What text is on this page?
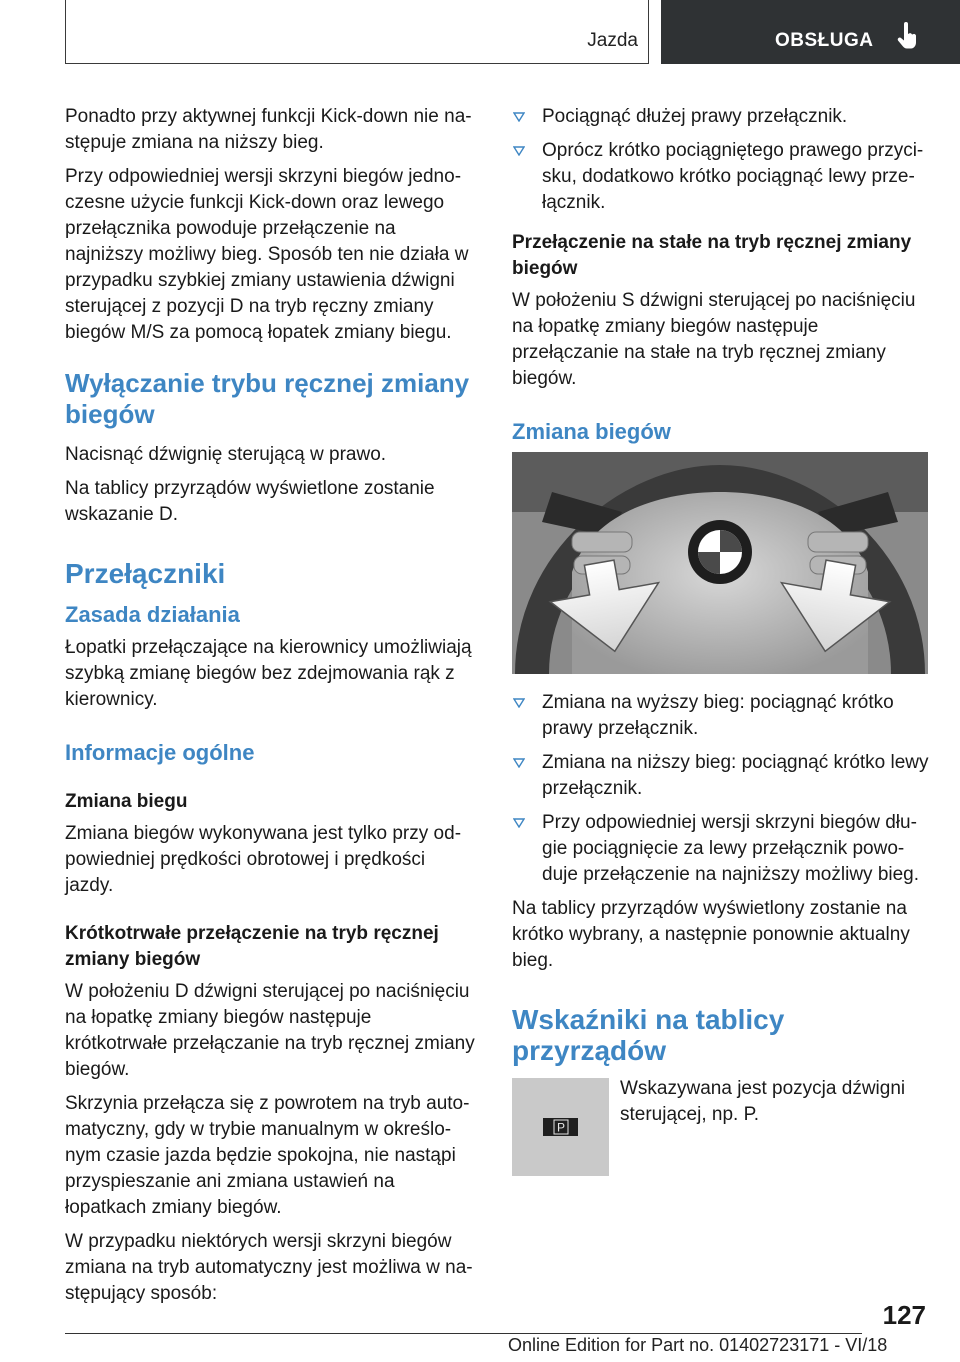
Jazda	OBSŁUGA

Ponadto przy aktywnej funkcji Kick-down nie następuje zmiana na niższy bieg.

Przy odpowiedniej wersji skrzyni biegów jednoczesne użycie funkcji Kick-down oraz lewego przełącznika powoduje przełączenie na najniższy możliwy bieg. Sposób ten nie działa w przypadku szybkiej zmiany ustawienia dźwigni sterującej z pozycji D na tryb ręczny zmiany biegów M/S za pomocą łopatek zmiany biegu.

Wyłączanie trybu ręcznej zmiany biegów

Nacisnąć dźwignię sterującą w prawo.

Na tablicy przyrządów wyświetlone zostanie wskazanie D.

Przełączniki
Zasada działania

Łopatki przełączające na kierownicy umożliwiają szybką zmianę biegów bez zdejmowania rąk z kierownicy.

Informacje ogólne
Zmiana biegu

Zmiana biegów wykonywana jest tylko przy odpowiedniej prędkości obrotowej i prędkości jazdy.

Krótkotrwałe przełączenie na tryb ręcznej zmiany biegów

W położeniu D dźwigni sterującej po naciśnięciu na łopatkę zmiany biegów następuje krótkotrwałe przełączanie na tryb ręcznej zmiany biegów.

Skrzynia przełącza się z powrotem na tryb automatyczny, gdy w trybie manualnym w określonym czasie jazda będzie spokojna, nie nastąpi przyspieszanie ani zmiana ustawień na łopatkach zmiany biegów.

W przypadku niektórych wersji skrzyni biegów zmiana na tryb automatyczny jest możliwa w następujący sposób:

Pociągnąć dłużej prawy przełącznik.
Oprócz krótko pociągniętego prawego przycisku, dodatkowo krótko pociągnąć lewy przełącznik.
Przełączenie na stałe na tryb ręcznej zmiany biegów

W położeniu S dźwigni sterującej po naciśnięciu na łopatkę zmiany biegów następuje przełączanie na stałe na tryb ręcznej zmiany biegów.

Zmiana biegów
Zmiana na wyższy bieg: pociągnąć krótko prawy przełącznik.
Zmiana na niższy bieg: pociągnąć krótko lewy przełącznik.
Przy odpowiedniej wersji skrzyni biegów długie pociągnięcie za lewy przełącznik powoduje przełączenie na najniższy możliwy bieg.

Na tablicy przyrządów wyświetlony zostanie na krótko wybrany, a następnie ponownie aktualny bieg.

Wskaźniki na tablicy przyrządów
P

Wskazywana jest pozycja dźwigni sterującej, np. P.

127
Online Edition for Part no. 01402723171 - VI/18
